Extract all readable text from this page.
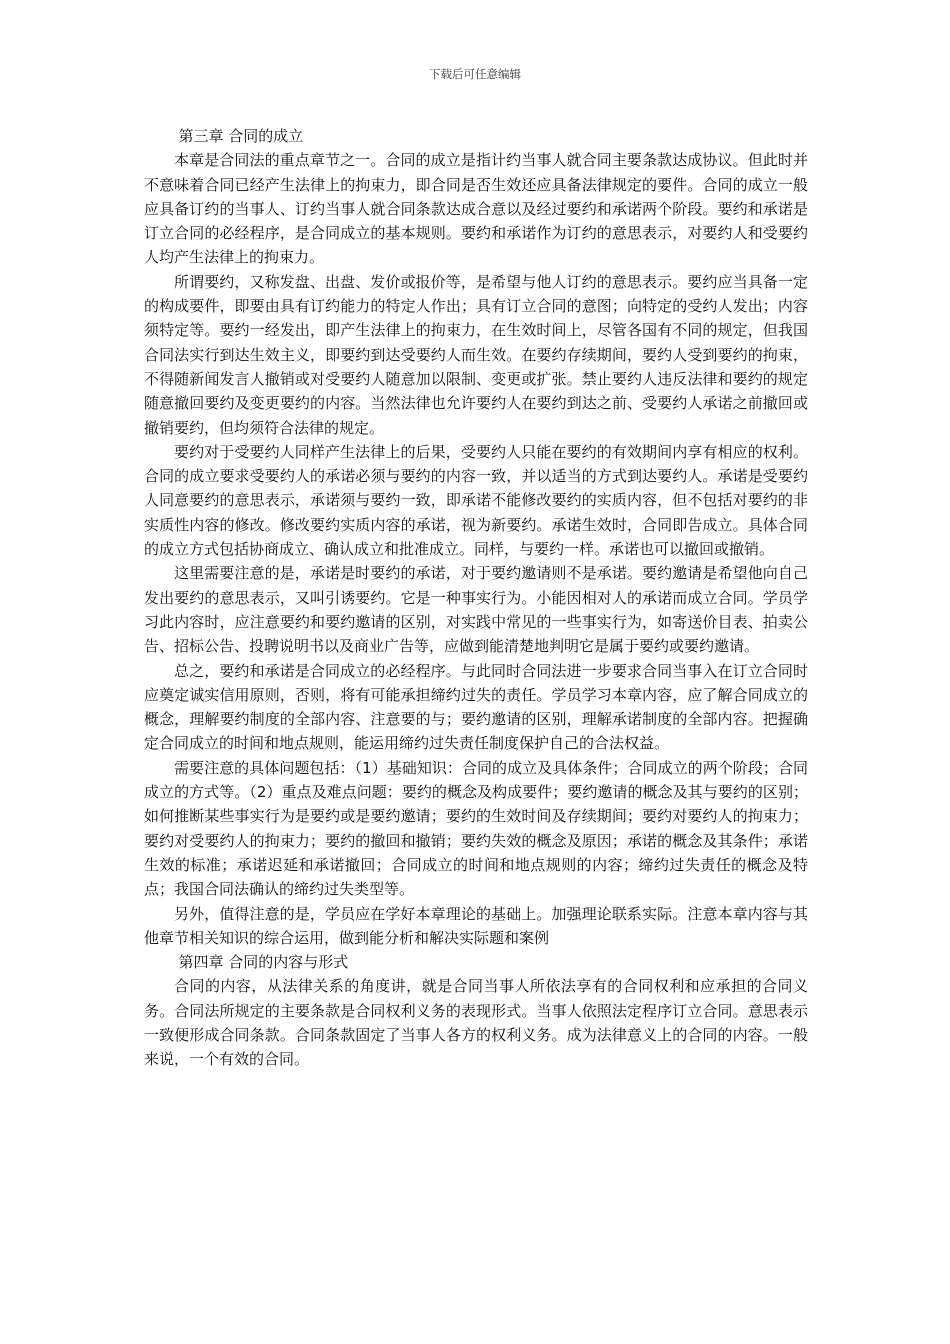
下载后可任意编辑

第三章 合同的成立

本章是合同法的重点章节之一。合同的成立是指计约当事人就合同主要条款达成协议。但此时并不意味着合同已经产生法律上的拘束力，即合同是否生效还应具备法律规定的要件。合同的成立一般应具备订约的当事人、订约当事人就合同条款达成合意以及经过要约和承诺两个阶段。要约和承诺是订立合同的必经程序，是合同成立的基本规则。要约和承诺作为订约的意思表示，对要约人和受要约人均产生法律上的拘束力。

所谓要约，又称发盘、出盘、发价或报价等，是希望与他人订约的意思表示。要约应当具备一定的构成要件，即要由具有订约能力的特定人作出；具有订立合同的意图；向特定的受约人发出；内容须特定等。要约一经发出，即产生法律上的拘束力，在生效时间上，尽管各国有不同的规定，但我国合同法实行到达生效主义，即要约到达受要约人而生效。在要约存续期间，要约人受到要约的拘束，不得随新闻发言人撤销或对受要约人随意加以限制、变更或扩张。禁止要约人违反法律和要约的规定随意撤回要约及变更要约的内容。当然法律也允许要约人在要约到达之前、受要约人承诺之前撤回或撤销要约，但均须符合法律的规定。

要约对于受要约人同样产生法律上的后果，受要约人只能在要约的有效期间内享有相应的权利。合同的成立要求受要约人的承诺必须与要约的内容一致，并以适当的方式到达要约人。承诺是受要约人同意要约的意思表示，承诺须与要约一致，即承诺不能修改要约的实质内容，但不包括对要约的非实质性内容的修改。修改要约实质内容的承诺，视为新要约。承诺生效时，合同即告成立。具体合同的成立方式包括协商成立、确认成立和批准成立。同样，与要约一样。承诺也可以撤回或撤销。

这里需要注意的是，承诺是时要约的承诺，对于要约邀请则不是承诺。要约邀请是希望他向自己发出要约的意思表示，又叫引诱要约。它是一种事实行为。小能因相对人的承诺而成立合同。学员学习此内容时，应注意要约和要约邀请的区别，对实践中常见的一些事实行为，如寄送价目表、拍卖公告、招标公告、投聘说明书以及商业广告等，应做到能清楚地判明它是属于要约或要约邀请。

总之，要约和承诺是合同成立的必经程序。与此同时合同法进一步要求合同当事入在订立合同时应奠定诚实信用原则，否则，将有可能承担缔约过失的责任。学员学习本章内容，应了解合同成立的概念，理解要约制度的全部内容、注意要的与；要约邀请的区别，理解承诺制度的全部内容。把握确定合同成立的时间和地点规则，能运用缔约过失责任制度保护自己的合法权益。

需要注意的具体问题包括：（1）基础知识：合同的成立及具体条件；合同成立的两个阶段；合同成立的方式等。（2）重点及难点问题：要约的概念及构成要件；要约邀请的概念及其与要约的区别；如何推断某些事实行为是要约或是要约邀请；要约的生效时间及存续期间；要约对要约人的拘束力；要约对受要约人的拘束力；要约的撤回和撤销；要约失效的概念及原因；承诺的概念及其条件；承诺生效的标准；承诺迟延和承诺撤回；合同成立的时间和地点规则的内容；缔约过失责任的概念及特点；我国合同法确认的缔约过失类型等。

另外，值得注意的是，学员应在学好本章理论的基础上。加强理论联系实际。注意本章内容与其他章节相关知识的综合运用，做到能分析和解决实际题和案例

第四章 合同的内容与形式

合同的内容，从法律关系的角度讲，就是合同当事人所依法享有的合同权利和应承担的合同义务。合同法所规定的主要条款是合同权利义务的表现形式。当事人依照法定程序订立合同。意思表示一致便形成合同条款。合同条款固定了当事人各方的权利义务。成为法律意义上的合同的内容。一般来说，一个有效的合同。
